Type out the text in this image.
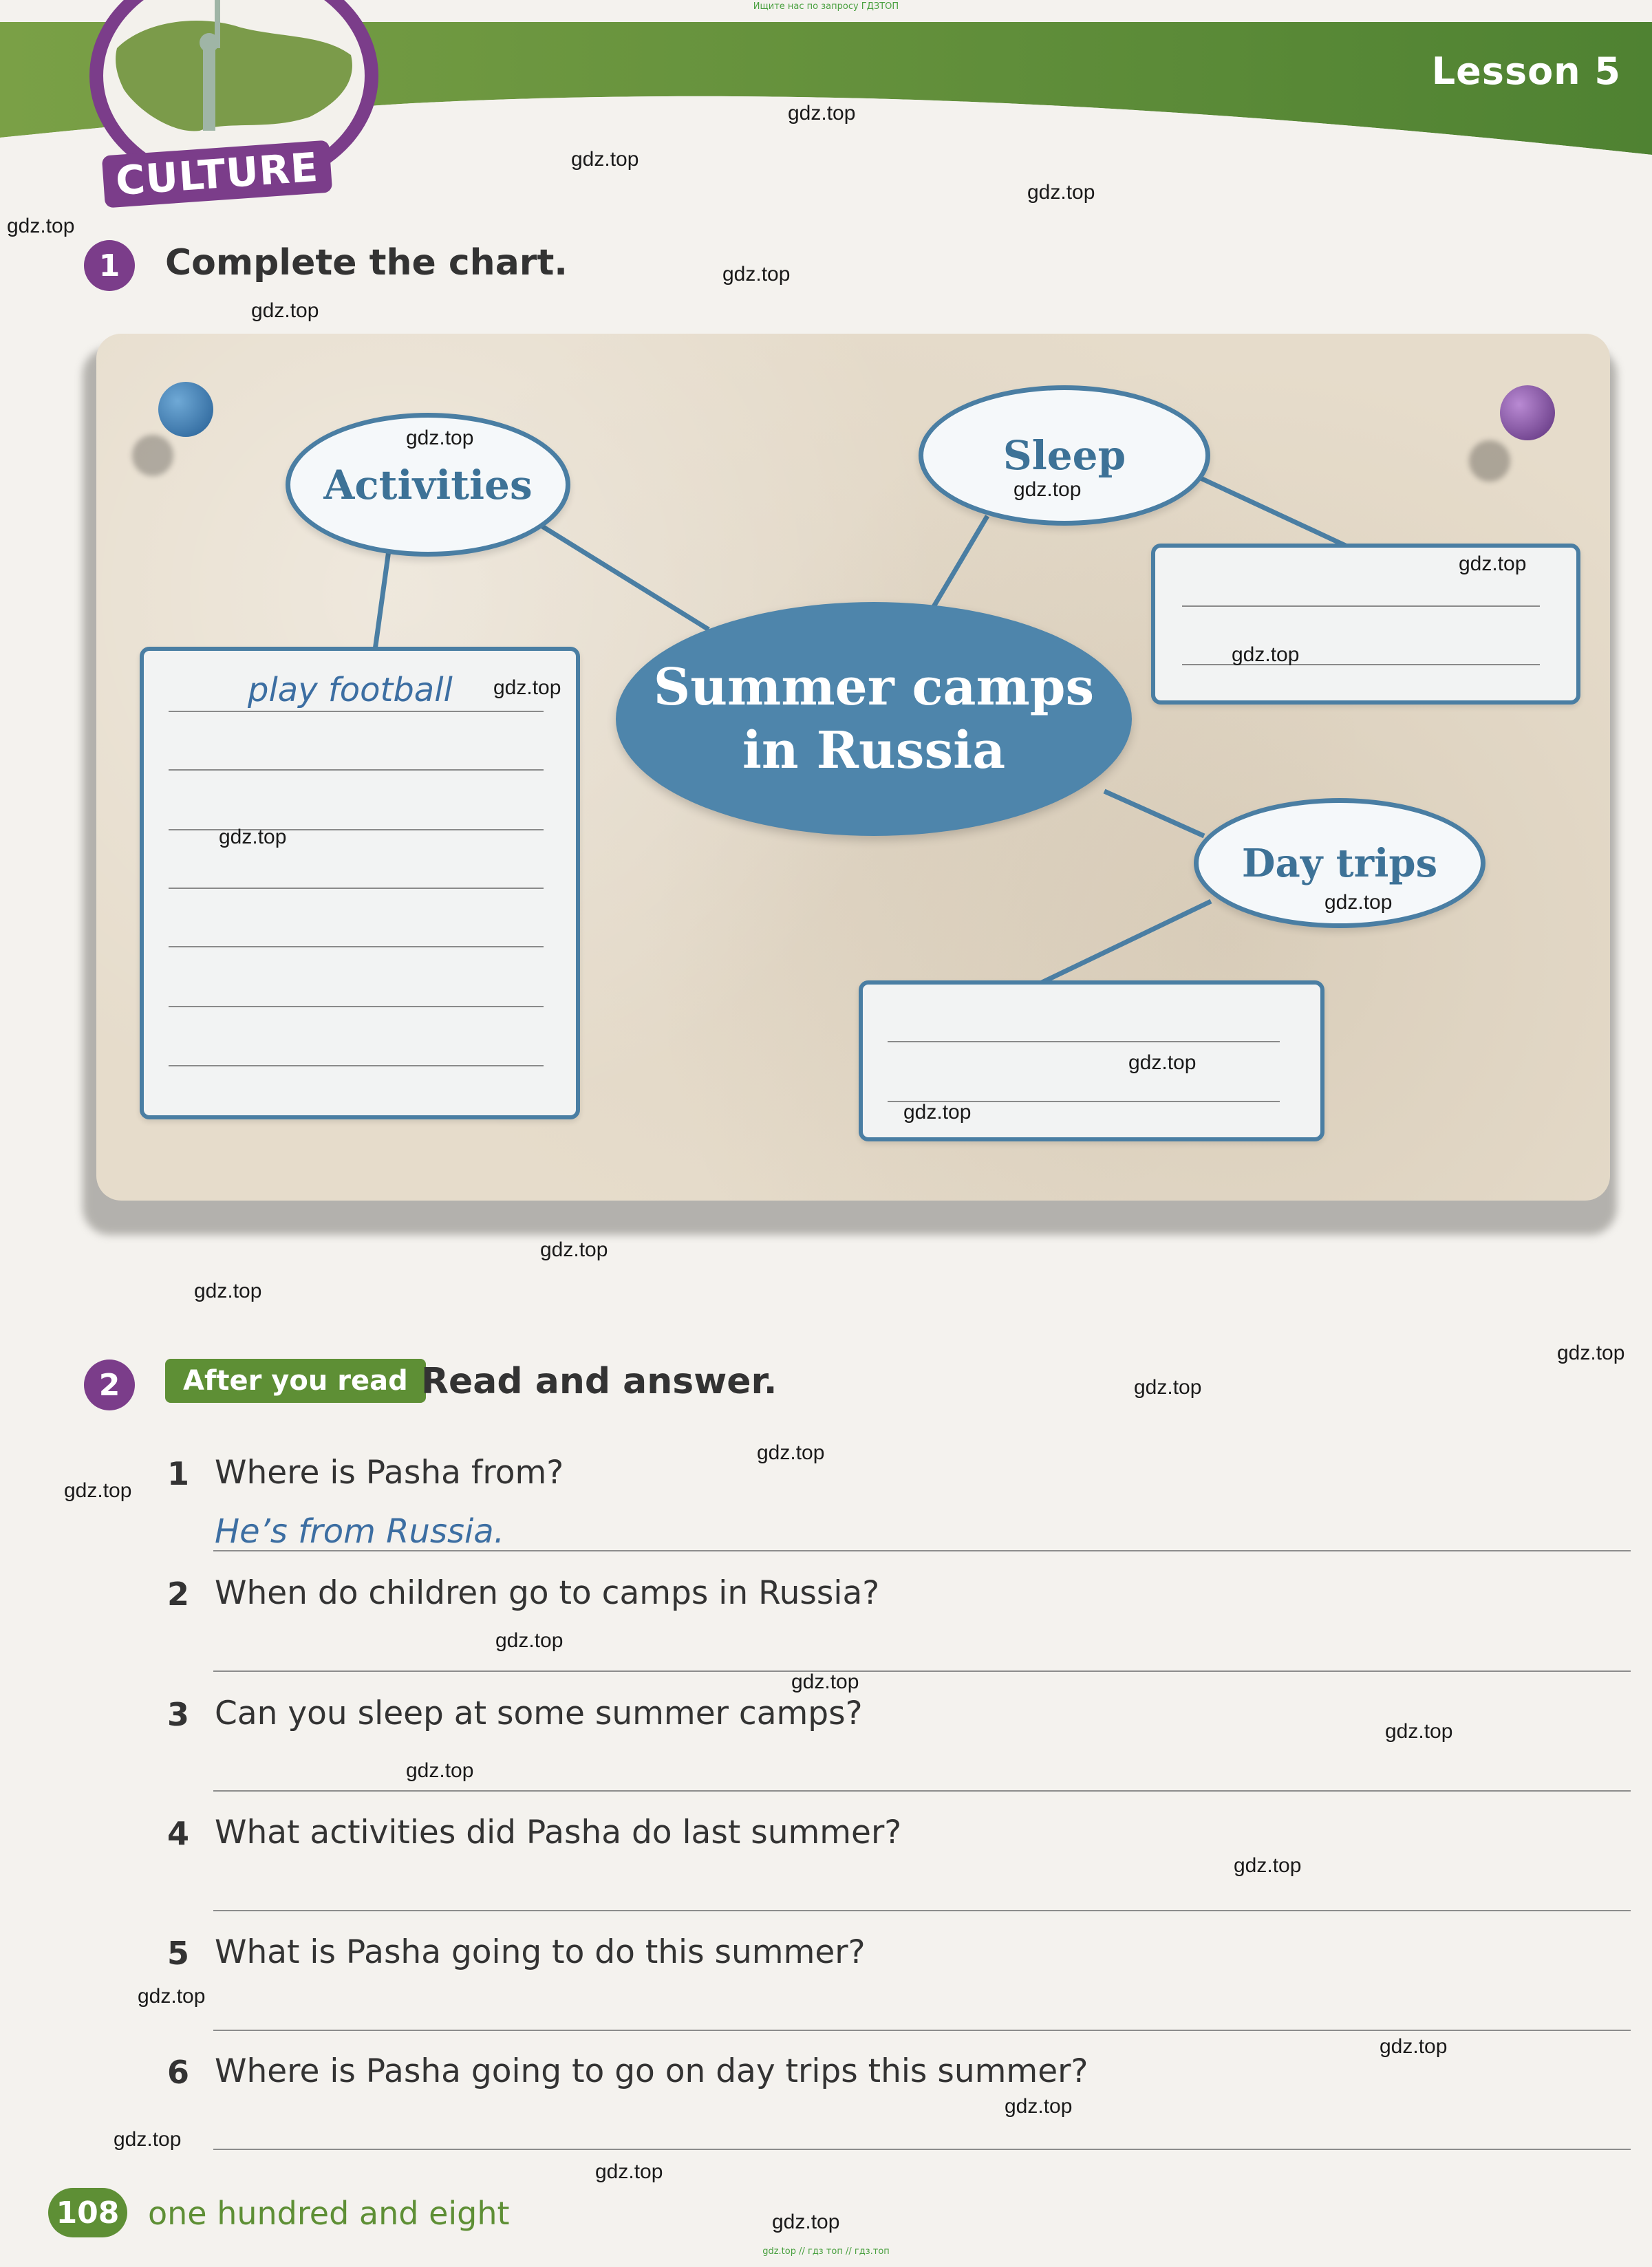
Ищите нас по запросу ГДЗТОП
Lesson 5
CULTURE
1	Complete the chart.
Activities
Sleep
Day trips
Summer camps
in Russia
play football
2	After you read Read and answer.
1 Where is Pasha from?
He’s from Russia.
2 When do children go to camps in Russia?
3 Can you sleep at some summer camps?
4 What activities did Pasha do last summer?
5 What is Pasha going to do this summer?
6 Where is Pasha going to go on day trips this summer?
108 one hundred and eight
gdz.top // гдз топ // гдз.топ
gdz.top
gdz.top
gdz.top
gdz.top
gdz.top
gdz.top
gdz.top
gdz.top
gdz.top
gdz.top
gdz.top
gdz.top
gdz.top
gdz.top
gdz.top
gdz.top
gdz.top
gdz.top
gdz.top
gdz.top
gdz.top
gdz.top
gdz.top
gdz.top
gdz.top
gdz.top
gdz.top
gdz.top
gdz.top
gdz.top
gdz.top
gdz.top
